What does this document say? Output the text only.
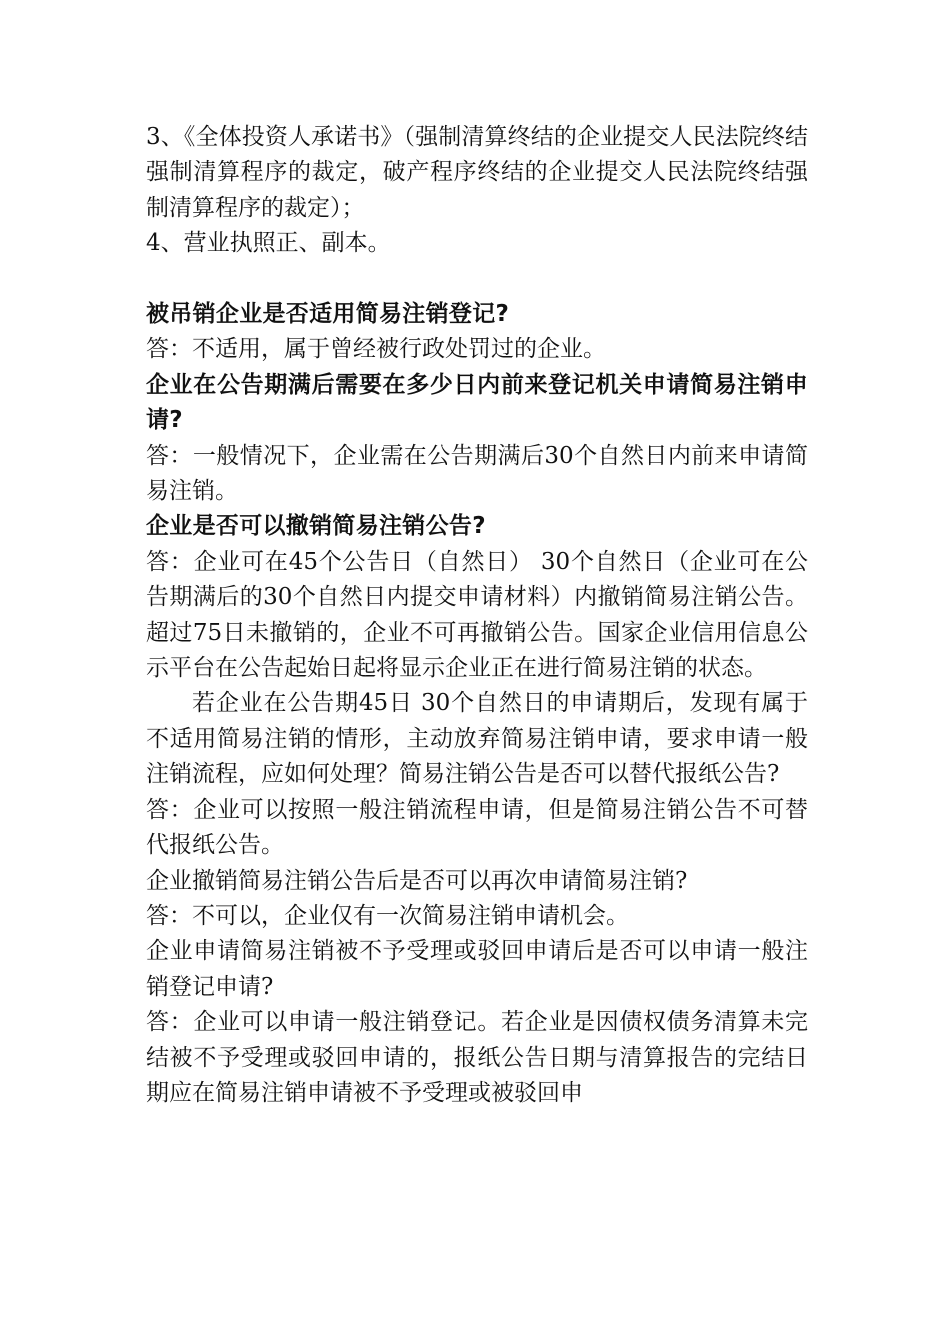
3、《全体投资人承诺书》（强制清算终结的企业提交人民法院终结强制清算程序的裁定，破产程序终结的企业提交人民法院终结强制清算程序的裁定）；

4、营业执照正、副本。

被吊销企业是否适用简易注销登记?

答：不适用，属于曾经被行政处罚过的企业。

企业在公告期满后需要在多少日内前来登记机关申请简易注销申请?

答：一般情况下，企业需在公告期满后30个自然日内前来申请简易注销。

企业是否可以撤销简易注销公告?

答：企业可在45个公告日（自然日） 30个自然日（企业可在公告期满后的30个自然日内提交申请材料）内撤销简易注销公告。超过75日未撤销的，企业不可再撤销公告。国家企业信用信息公示平台在公告起始日起将显示企业正在进行简易注销的状态。

若企业在公告期45日 30个自然日的申请期后，发现有属于不适用简易注销的情形，主动放弃简易注销申请，要求申请一般注销流程，应如何处理？简易注销公告是否可以替代报纸公告?

答：企业可以按照一般注销流程申请，但是简易注销公告不可替代报纸公告。

企业撤销简易注销公告后是否可以再次申请简易注销?

答：不可以，企业仅有一次简易注销申请机会。

企业申请简易注销被不予受理或驳回申请后是否可以申请一般注销登记申请?

答：企业可以申请一般注销登记。若企业是因债权债务清算未完结被不予受理或驳回申请的，报纸公告日期与清算报告的完结日期应在简易注销申请被不予受理或被驳回申
